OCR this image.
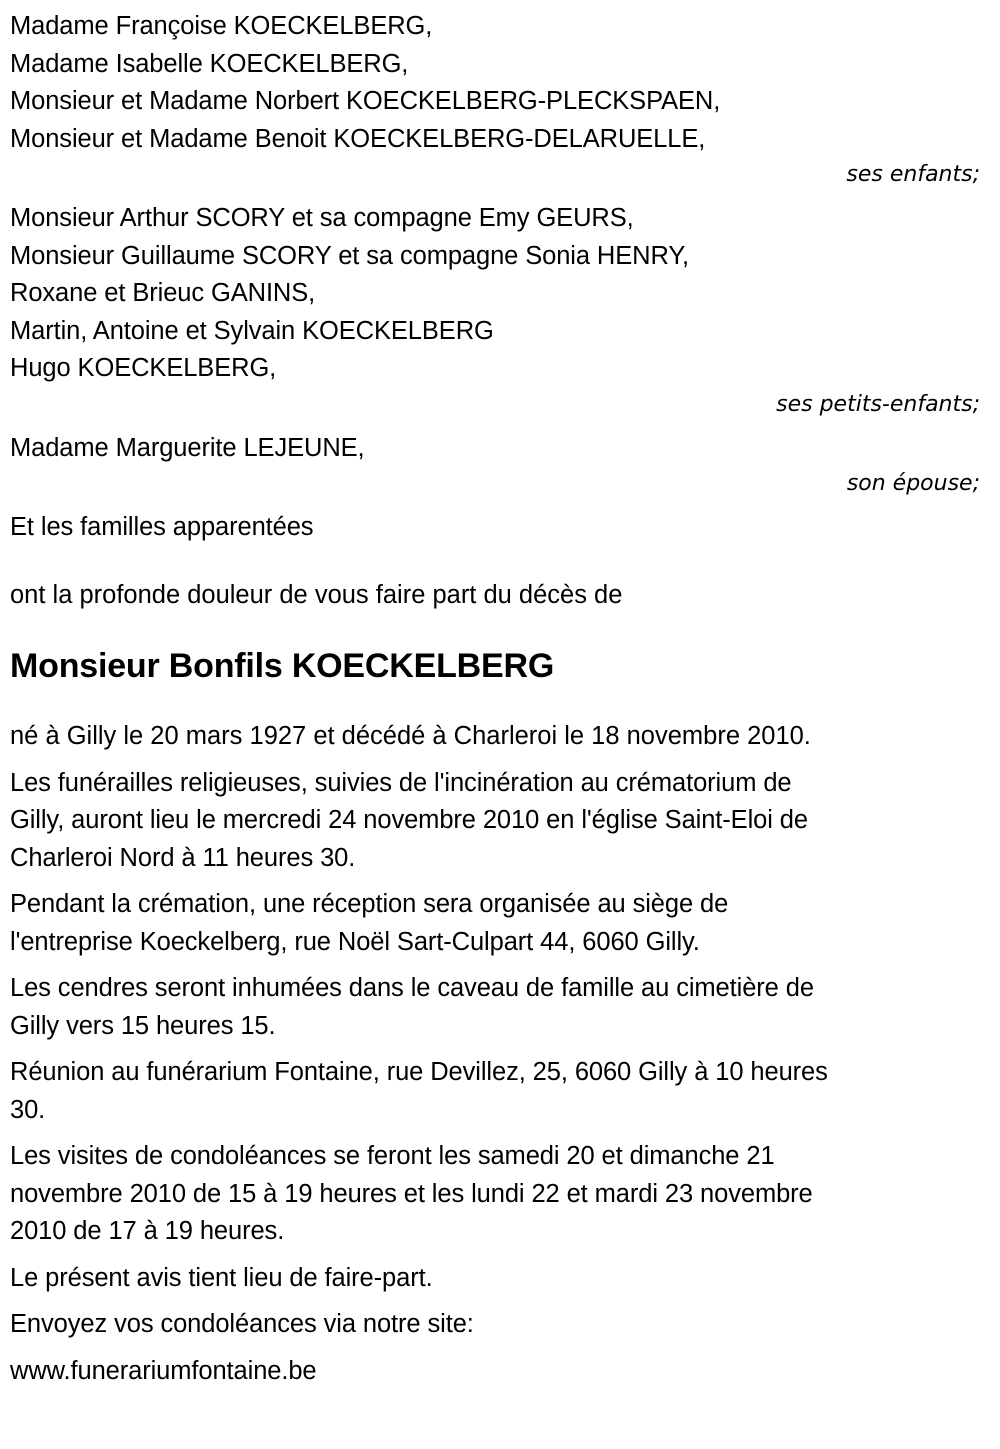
Madame Françoise KOECKELBERG,
Madame Isabelle KOECKELBERG,
Monsieur et Madame Norbert KOECKELBERG-PLECKSPAEN,
Monsieur et Madame Benoit KOECKELBERG-DELARUELLE,
ses enfants;
Monsieur Arthur SCORY et sa compagne Emy GEURS,
Monsieur Guillaume SCORY et sa compagne Sonia HENRY,
Roxane et Brieuc GANINS,
Martin, Antoine et Sylvain KOECKELBERG
Hugo KOECKELBERG,
ses petits-enfants;
Madame Marguerite LEJEUNE,
son épouse;
Et les familles apparentées
ont la profonde douleur de vous faire part du décès de
Monsieur Bonfils KOECKELBERG
né à Gilly le 20 mars 1927 et décédé à Charleroi le 18 novembre 2010.
Les funérailles religieuses, suivies de l'incinération au crématorium de
Gilly, auront lieu le mercredi 24 novembre 2010 en l'église Saint-Eloi de
Charleroi Nord à 11 heures 30.
Pendant la crémation, une réception sera organisée au siège de
l'entreprise Koeckelberg, rue Noël Sart-Culpart 44, 6060 Gilly.
Les cendres seront inhumées dans le caveau de famille au cimetière de
Gilly vers 15 heures 15.
Réunion au funérarium Fontaine, rue Devillez, 25, 6060 Gilly à 10 heures
30.
Les visites de condoléances se feront les samedi 20 et dimanche 21
novembre 2010 de 15 à 19 heures et les lundi 22 et mardi 23 novembre
2010 de 17 à 19 heures.
Le présent avis tient lieu de faire-part.
Envoyez vos condoléances via notre site:
www.funerariumfontaine.be
